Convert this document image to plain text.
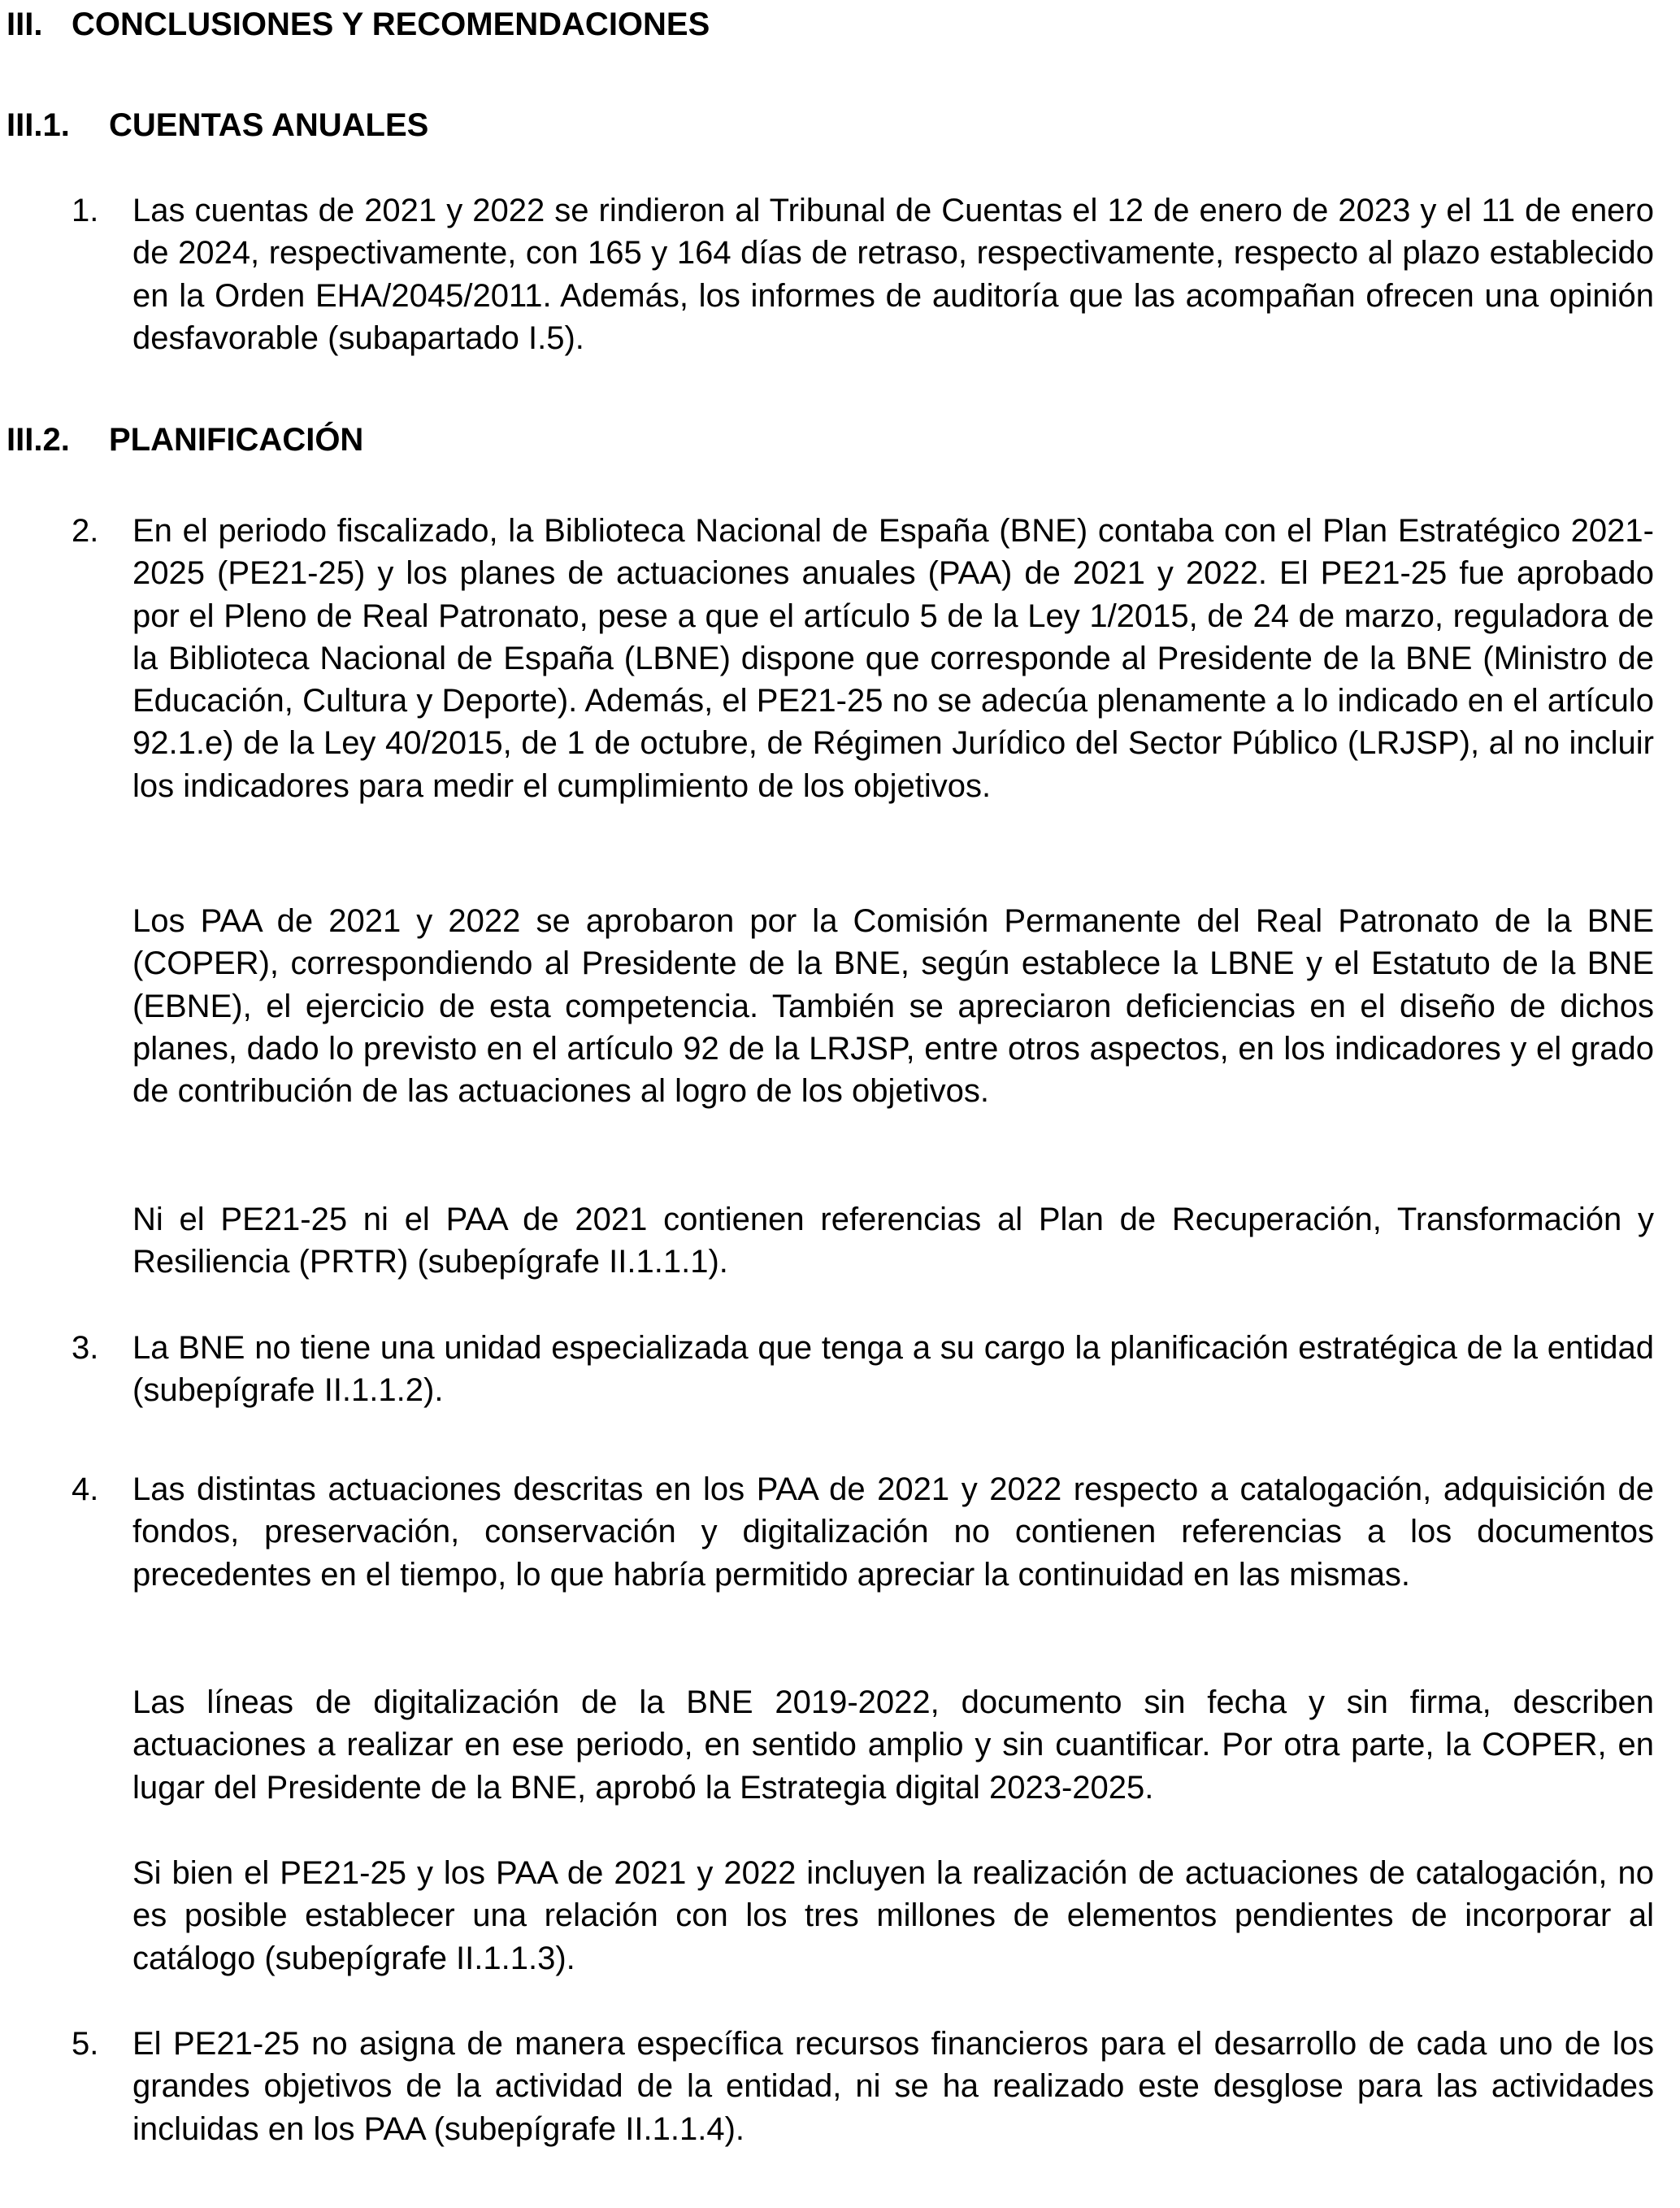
III. CONCLUSIONES Y RECOMENDACIONES
III.1. CUENTAS ANUALES
1. Las cuentas de 2021 y 2022 se rindieron al Tribunal de Cuentas el 12 de enero de 2023 y el 11 de enero de 2024, respectivamente, con 165 y 164 días de retraso, respectivamente, respecto al plazo establecido en la Orden EHA/2045/2011. Además, los informes de auditoría que las acompañan ofrecen una opinión desfavorable (subapartado I.5).

III.2. PLANIFICACIÓN
2. En el periodo fiscalizado, la Biblioteca Nacional de España (BNE) contaba con el Plan Estratégico 2021-2025 (PE21-25) y los planes de actuaciones anuales (PAA) de 2021 y 2022. El PE21-25 fue aprobado por el Pleno de Real Patronato, pese a que el artículo 5 de la Ley 1/2015, de 24 de marzo, reguladora de la Biblioteca Nacional de España (LBNE) dispone que corresponde al Presidente de la BNE (Ministro de Educación, Cultura y Deporte). Además, el PE21-25 no se adecúa plenamente a lo indicado en el artículo 92.1.e) de la Ley 40/2015, de 1 de octubre, de Régimen Jurídico del Sector Público (LRJSP), al no incluir los indicadores para medir el cumplimiento de los objetivos.

Los PAA de 2021 y 2022 se aprobaron por la Comisión Permanente del Real Patronato de la BNE (COPER), correspondiendo al Presidente de la BNE, según establece la LBNE y el Estatuto de la BNE (EBNE), el ejercicio de esta competencia. También se apreciaron deficiencias en el diseño de dichos planes, dado lo previsto en el artículo 92 de la LRJSP, entre otros aspectos, en los indicadores y el grado de contribución de las actuaciones al logro de los objetivos.

Ni el PE21-25 ni el PAA de 2021 contienen referencias al Plan de Recuperación, Transformación y Resiliencia (PRTR) (subepígrafe II.1.1.1).

3. La BNE no tiene una unidad especializada que tenga a su cargo la planificación estratégica de la entidad (subepígrafe II.1.1.2).

4. Las distintas actuaciones descritas en los PAA de 2021 y 2022 respecto a catalogación, adquisición de fondos, preservación, conservación y digitalización no contienen referencias a los documentos precedentes en el tiempo, lo que habría permitido apreciar la continuidad en las mismas.

Las líneas de digitalización de la BNE 2019-2022, documento sin fecha y sin firma, describen actuaciones a realizar en ese periodo, en sentido amplio y sin cuantificar. Por otra parte, la COPER, en lugar del Presidente de la BNE, aprobó la Estrategia digital 2023-2025.

Si bien el PE21-25 y los PAA de 2021 y 2022 incluyen la realización de actuaciones de catalogación, no es posible establecer una relación con los tres millones de elementos pendientes de incorporar al catálogo (subepígrafe II.1.1.3).

5. El PE21-25 no asigna de manera específica recursos financieros para el desarrollo de cada uno de los grandes objetivos de la actividad de la entidad, ni se ha realizado este desglose para las actividades incluidas en los PAA (subepígrafe II.1.1.4).
